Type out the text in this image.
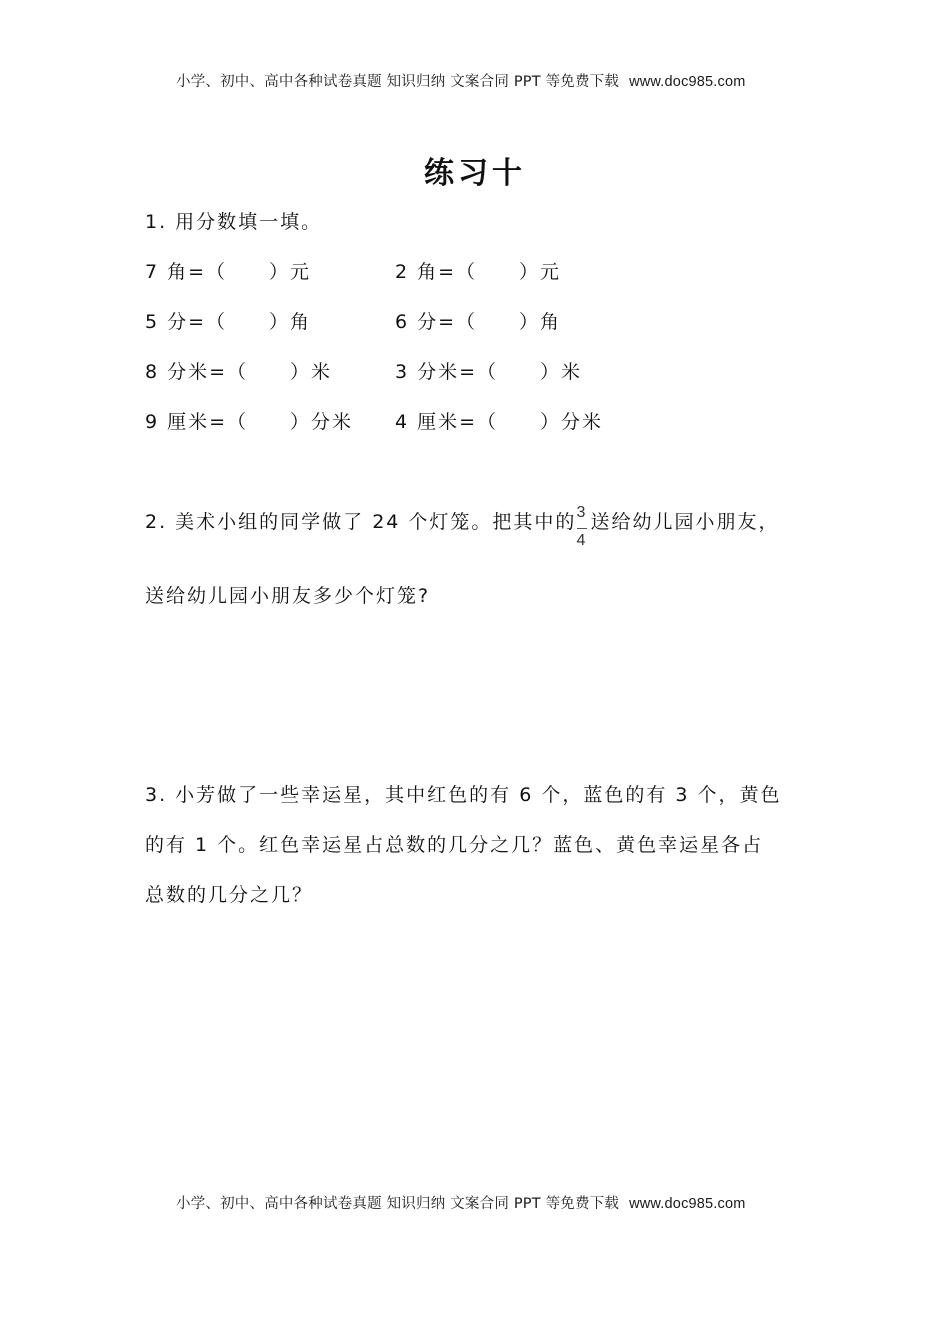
小学、初中、高中各种试卷真题 知识归纳 文案合同 PPT 等免费下载 www.doc985.com
练习十
1. 用分数填一填。
7 角=（　　）元	2 角=（　　）元
5 分=（　　）角	6 分=（　　）角
8 分米=（　　）米	3 分米=（　　）米
9 厘米=（　　）分米 4 厘米=（　　）分米
2. 美术小组的同学做了 24 个灯笼。把其中的 $\frac{3}{4}$ 送给幼儿园小朋友，
送给幼儿园小朋友多少个灯笼?
3. 小芳做了一些幸运星，其中红色的有 6 个，蓝色的有 3 个，黄色
的有 1 个。红色幸运星占总数的几分之几？蓝色、黄色幸运星各占
总数的几分之几？
小学、初中、高中各种试卷真题 知识归纳 文案合同 PPT 等免费下载 www.doc985.com
